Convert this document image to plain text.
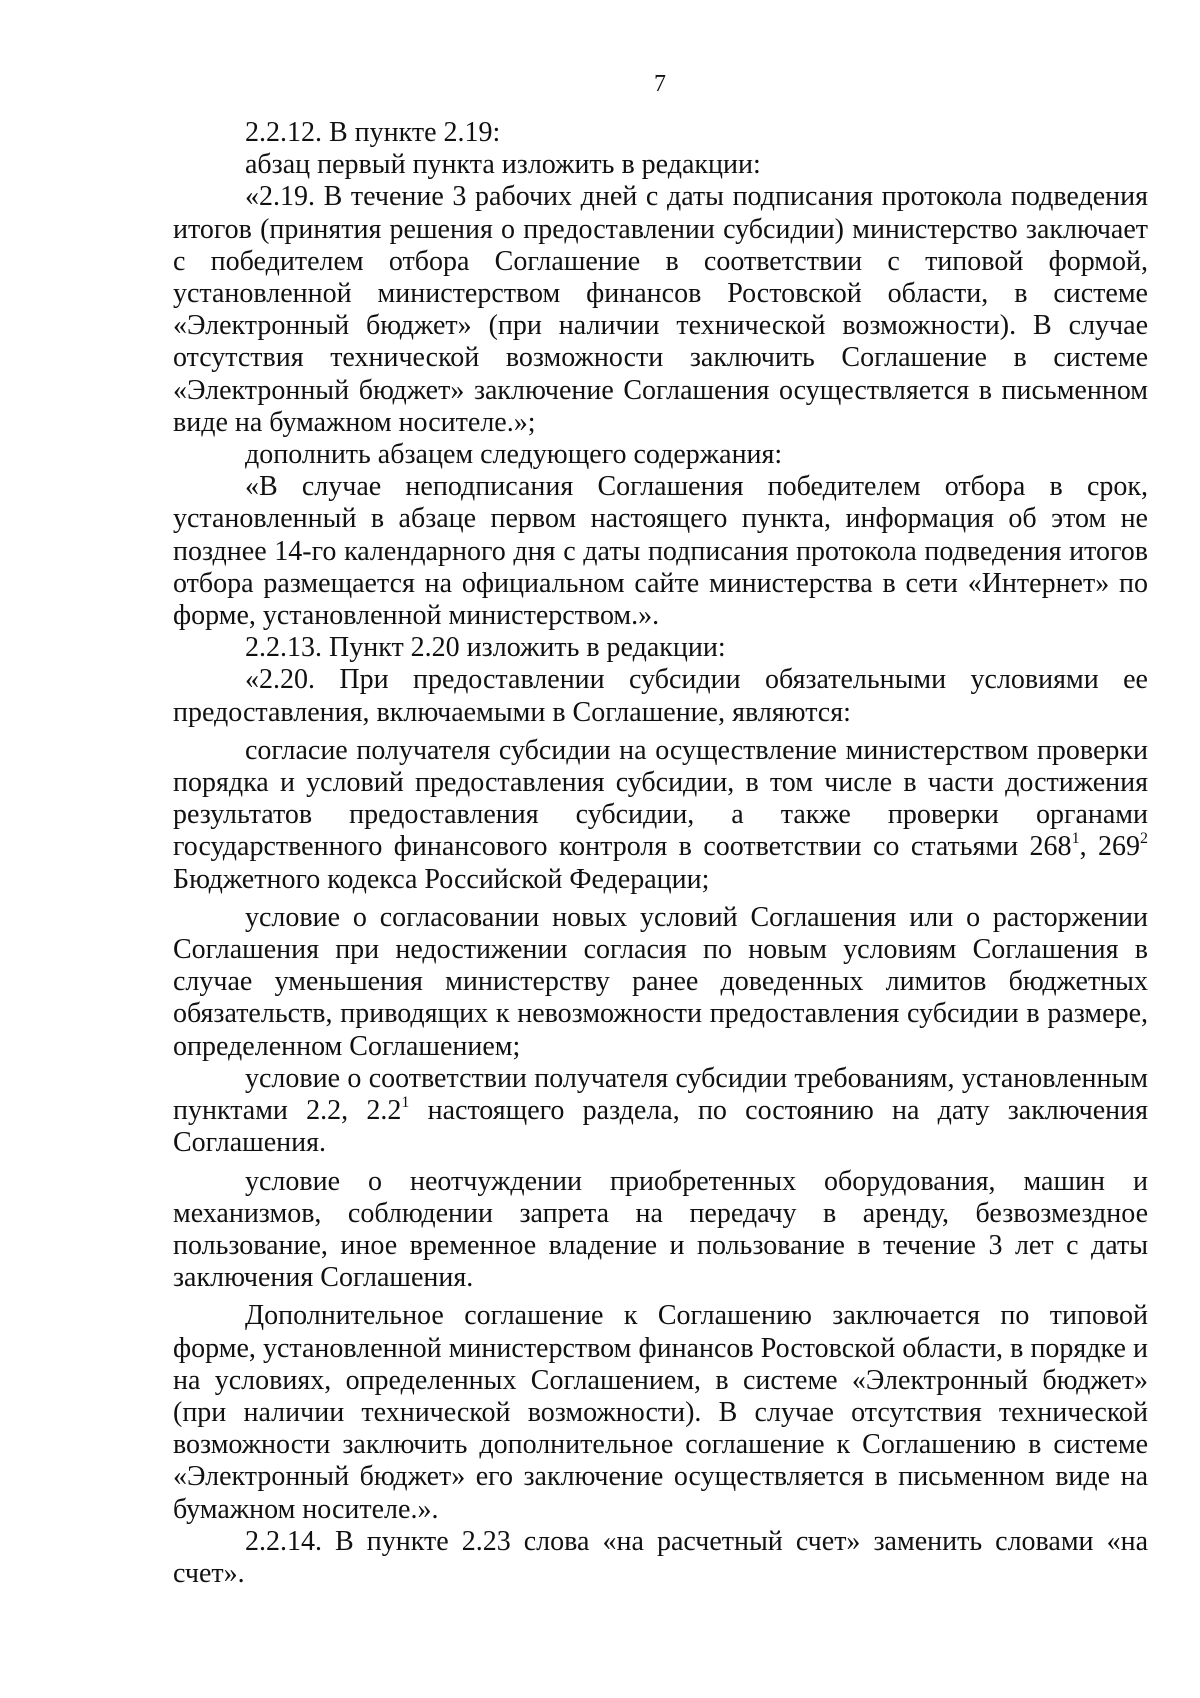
7

2.2.12. В пункте 2.19:

абзац первый пункта изложить в редакции:

«2.19. В течение 3 рабочих дней с даты подписания протокола подведения итогов (принятия решения о предоставлении субсидии) министерство заключает с победителем отбора Соглашение в соответствии с типовой формой, установленной министерством финансов Ростовской области, в системе «Электронный бюджет» (при наличии технической возможности). В случае отсутствия технической возможности заключить Соглашение в системе «Электронный бюджет» заключение Соглашения осуществляется в письменном виде на бумажном носителе.»;

дополнить абзацем следующего содержания:

«В случае неподписания Соглашения победителем отбора в срок, установленный в абзаце первом настоящего пункта, информация об этом не позднее 14-го календарного дня с даты подписания протокола подведения итогов отбора размещается на официальном сайте министерства в сети «Интернет» по форме, установленной министерством.».

2.2.13. Пункт 2.20 изложить в редакции:

«2.20. При предоставлении субсидии обязательными условиями ее предоставления, включаемыми в Соглашение, являются:

согласие получателя субсидии на осуществление министерством проверки порядка и условий предоставления субсидии, в том числе в части достижения результатов предоставления субсидии, а также проверки органами государственного финансового контроля в соответствии со статьями $268^1$, $269^2$ Бюджетного кодекса Российской Федерации;

условие о согласовании новых условий Соглашения или о расторжении Соглашения при недостижении согласия по новым условиям Соглашения в случае уменьшения министерству ранее доведенных лимитов бюджетных обязательств, приводящих к невозможности предоставления субсидии в размере, определенном Соглашением;

условие о соответствии получателя субсидии требованиям, установленным пунктами 2.2, $2.2^1$ настоящего раздела, по состоянию на дату заключения Соглашения.

условие о неотчуждении приобретенных оборудования, машин и механизмов, соблюдении запрета на передачу в аренду, безвозмездное пользование, иное временное владение и пользование в течение 3 лет с даты заключения Соглашения.

Дополнительное соглашение к Соглашению заключается по типовой форме, установленной министерством финансов Ростовской области, в порядке и на условиях, определенных Соглашением, в системе «Электронный бюджет» (при наличии технической возможности). В случае отсутствия технической возможности заключить дополнительное соглашение к Соглашению в системе «Электронный бюджет» его заключение осуществляется в письменном виде на бумажном носителе.».

2.2.14. В пункте 2.23 слова «на расчетный счет» заменить словами «на счет».
